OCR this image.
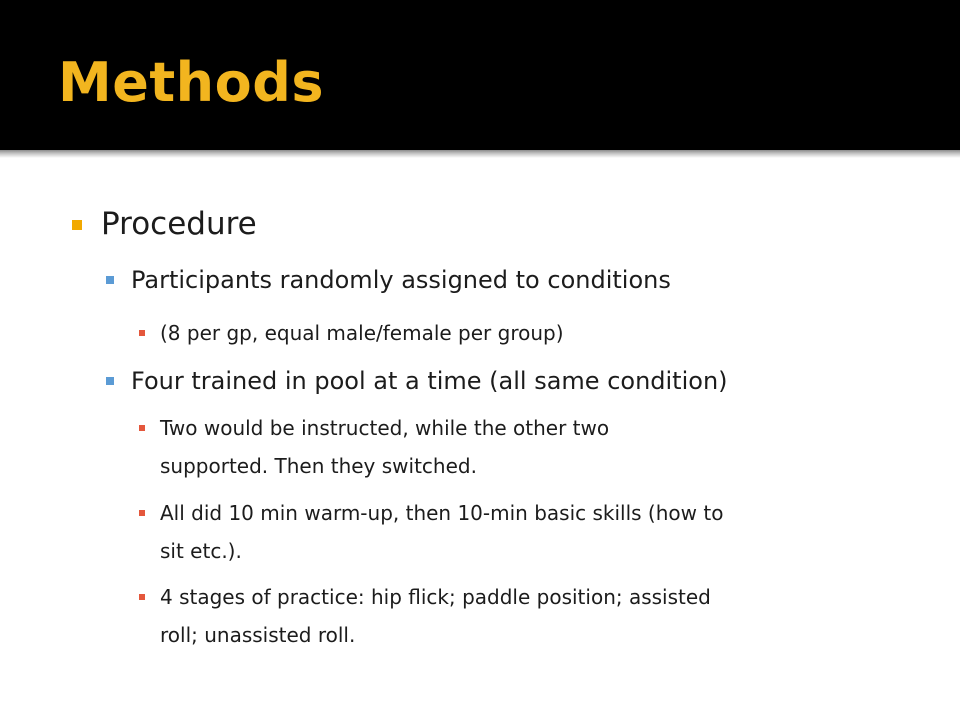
Methods
Procedure
Participants randomly assigned to conditions
(8 per gp, equal male/female per group)
Four trained in pool at a time (all same condition)
Two would be instructed, while the other two
supported. Then they switched.
All did 10 min warm-up, then 10-min basic skills (how to
sit etc.).
4 stages of practice: hip flick; paddle position; assisted
roll; unassisted roll.
